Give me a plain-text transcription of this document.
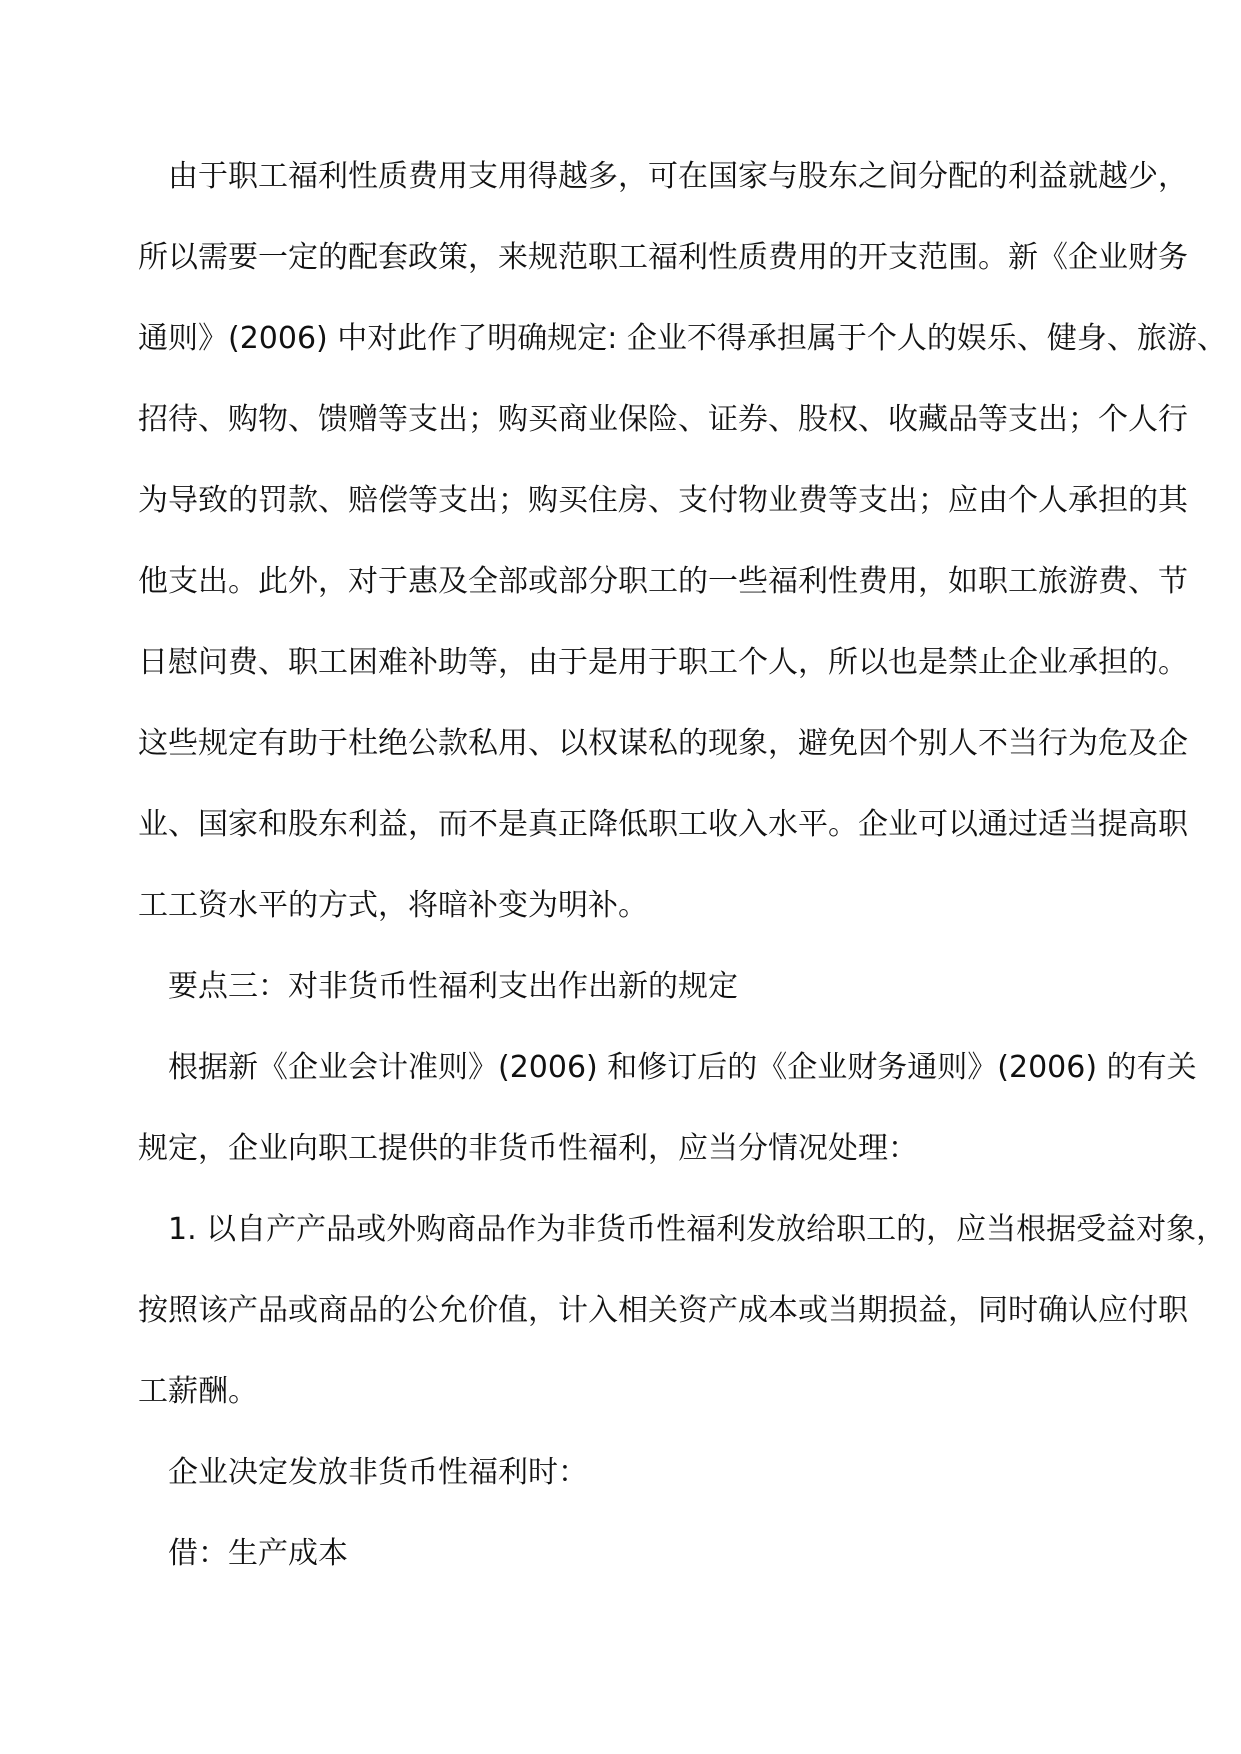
由于职工福利性质费用支用得越多，可在国家与股东之间分配的利益就越少，
所以需要一定的配套政策，来规范职工福利性质费用的开支范围。新《企业财务
通则》(2006) 中对此作了明确规定: 企业不得承担属于个人的娱乐、健身、旅游、
招待、购物、馈赠等支出；购买商业保险、证券、股权、收藏品等支出；个人行
为导致的罚款、赔偿等支出；购买住房、支付物业费等支出；应由个人承担的其
他支出。此外，对于惠及全部或部分职工的一些福利性费用，如职工旅游费、节
日慰问费、职工困难补助等，由于是用于职工个人，所以也是禁止企业承担的。
这些规定有助于杜绝公款私用、以权谋私的现象，避免因个别人不当行为危及企
业、国家和股东利益，而不是真正降低职工收入水平。企业可以通过适当提高职
工工资水平的方式，将暗补变为明补。
要点三：对非货币性福利支出作出新的规定
根据新《企业会计准则》(2006) 和修订后的《企业财务通则》(2006) 的有关
规定，企业向职工提供的非货币性福利，应当分情况处理：
1. 以自产产品或外购商品作为非货币性福利发放给职工的，应当根据受益对象，
按照该产品或商品的公允价值，计入相关资产成本或当期损益，同时确认应付职
工薪酬。
企业决定发放非货币性福利时：
借：生产成本
